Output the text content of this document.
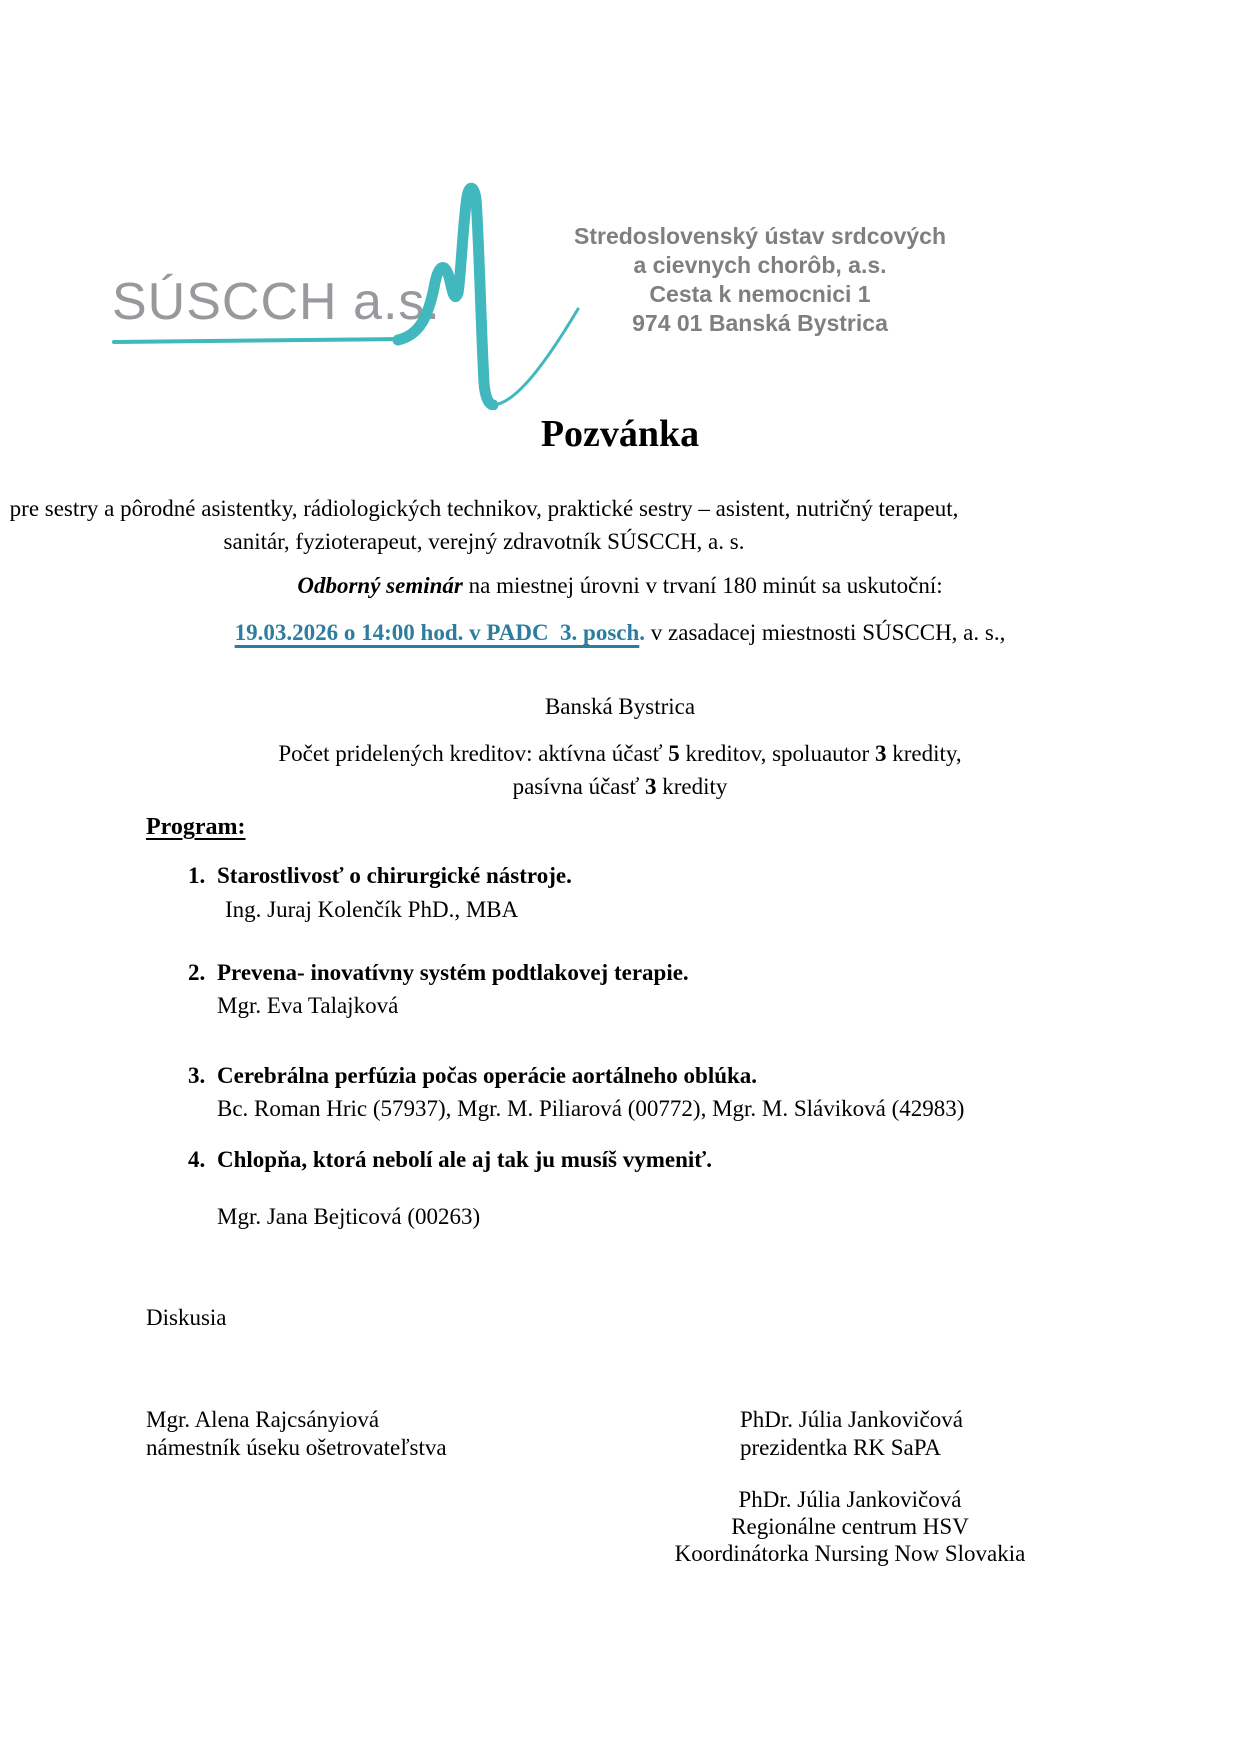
SÚSCCH a.s.
Stredoslovenský ústav srdcových
a cievnych chorôb, a.s.
Cesta k nemocnici 1
974 01 Banská Bystrica
Pozvánka

pre sestry a pôrodné asistentky, rádiologických technikov, praktické sestry – asistent, nutričný terapeut, sanitár, fyzioterapeut, verejný zdravotník SÚSCCH, a. s.

Odborný seminár na miestnej úrovni v trvaní 180 minút sa uskutoční:
19.03.2026 o 14:00 hod. v PADC  3. posch. v zasadacej miestnosti SÚSCCH, a. s.,
Banská Bystrica
Počet pridelených kreditov: aktívna účasť 5 kreditov, spoluautor 3 kredity,
pasívna účasť 3 kredity
Program:
1. Starostlivosť o chirurgické nástroje.
Ing. Juraj Kolenčík PhD., MBA
2. Prevena- inovatívny systém podtlakovej terapie.
Mgr. Eva Talajková
3. Cerebrálna perfúzia počas operácie aortálneho oblúka.
Bc. Roman Hric (57937), Mgr. M. Piliarová (00772), Mgr. M. Sláviková (42983)
4. Chlopňa, ktorá nebolí ale aj tak ju musíš vymeniť.
Mgr. Jana Bejticová (00263)
Diskusia
Mgr. Alena Rajcsányiová
námestník úseku ošetrovateľstva
PhDr. Júlia Jankovičová
prezidentka RK SaPA
PhDr. Júlia Jankovičová
Regionálne centrum HSV
Koordinátorka Nursing Now Slovakia
